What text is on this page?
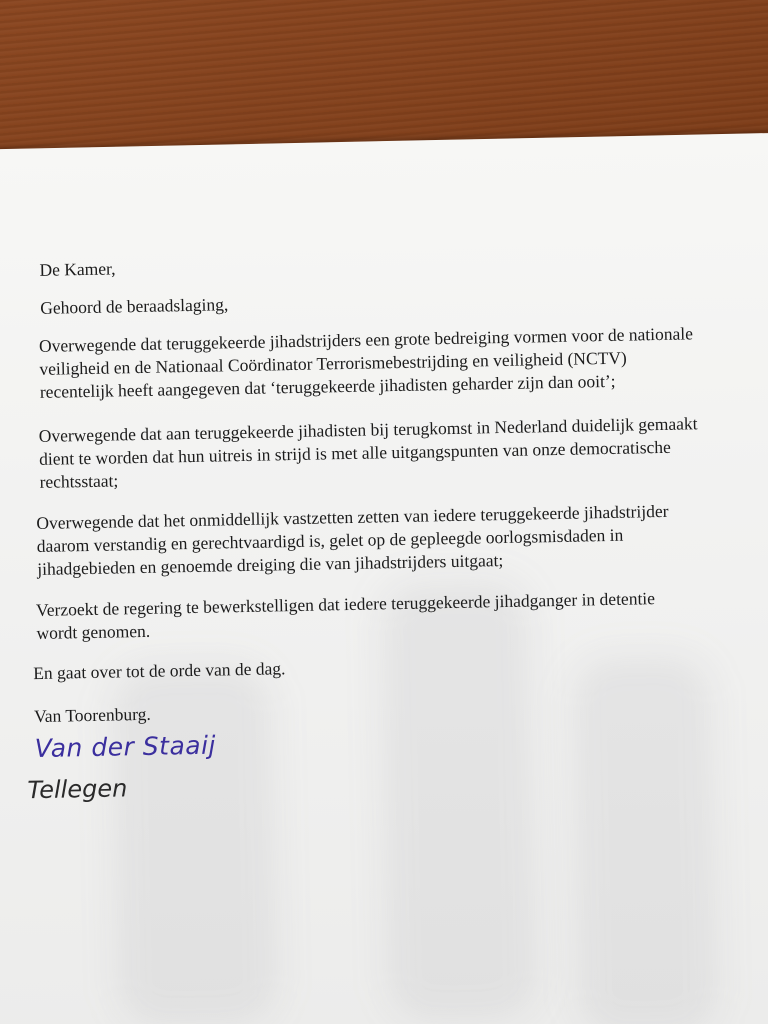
De Kamer,

Gehoord de beraadslaging,

Overwegende dat teruggekeerde jihadstrijders een grote bedreiging vormen voor de nationale

veiligheid en de Nationaal Coördinator Terrorismebestrijding en veiligheid (NCTV)

recentelijk heeft aangegeven dat ‘teruggekeerde jihadisten geharder zijn dan ooit’;

Overwegende dat aan teruggekeerde jihadisten bij terugkomst in Nederland duidelijk gemaakt

dient te worden dat hun uitreis in strijd is met alle uitgangspunten van onze democratische

rechtsstaat;

Overwegende dat het onmiddellijk vastzetten zetten van iedere teruggekeerde jihadstrijder

daarom verstandig en gerechtvaardigd is, gelet op de gepleegde oorlogsmisdaden in

jihadgebieden en genoemde dreiging die van jihadstrijders uitgaat;

Verzoekt de regering te bewerkstelligen dat iedere teruggekeerde jihadganger in detentie

wordt genomen.

En gaat over tot de orde van de dag.

Van Toorenburg.

Van der Staaij

Tellegen
